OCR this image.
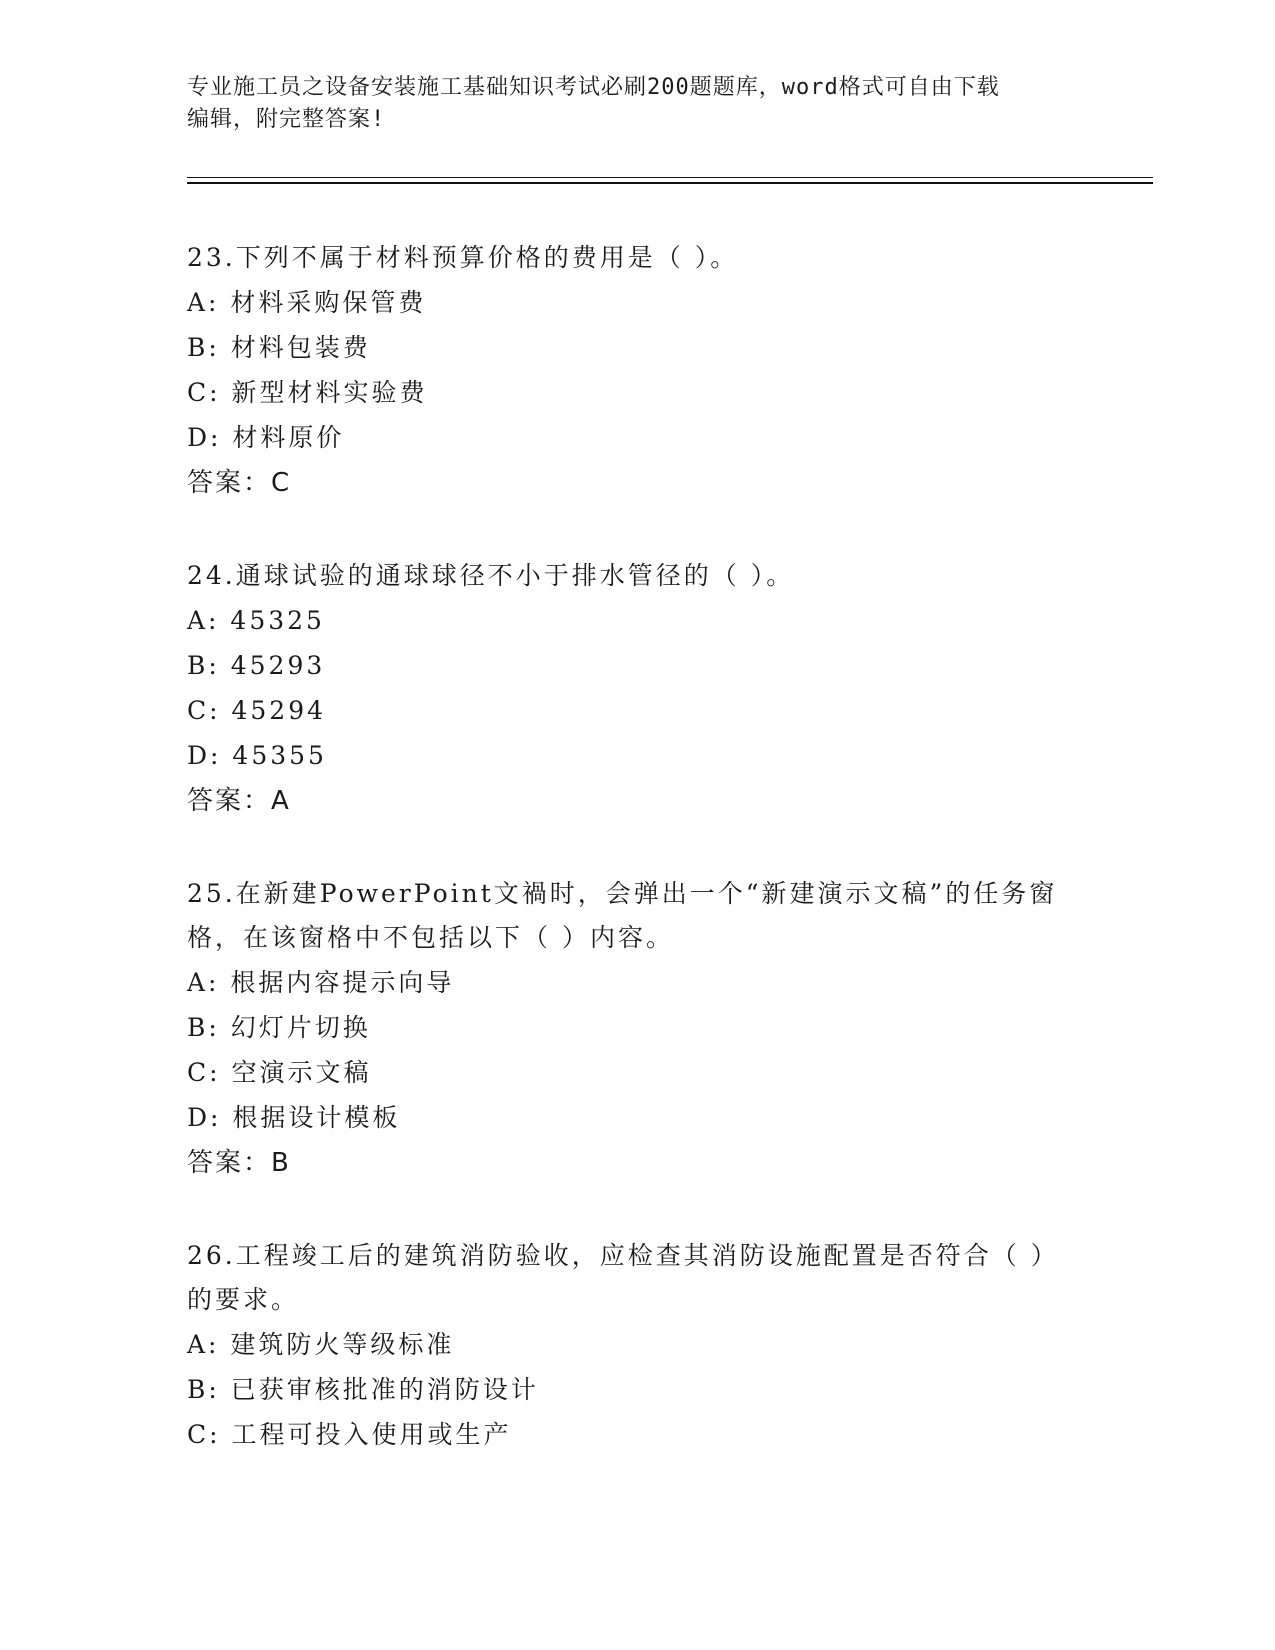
专业施工员之设备安装施工基础知识考试必刷200题题库，word格式可自由下载
编辑，附完整答案!
23.下列不属于材料预算价格的费用是（ ）。
A: 材料采购保管费
B: 材料包装费
C: 新型材料实验费
D: 材料原价
答案：C
24.通球试验的通球球径不小于排水管径的（ ）。
A: 45325
B: 45293
C: 45294
D: 45355
答案：A
25.在新建PowerPoint文禍时，会弹出一个“新建演示文稿”的任务窗格，在该窗格中不包括以下（ ）内容。
A: 根据内容提示向导
B: 幻灯片切换
C: 空演示文稿
D: 根据设计模板
答案：B
26.工程竣工后的建筑消防验收，应检查其消防设施配置是否符合（ ）的要求。
A: 建筑防火等级标准
B: 已获审核批准的消防设计
C: 工程可投入使用或生产
